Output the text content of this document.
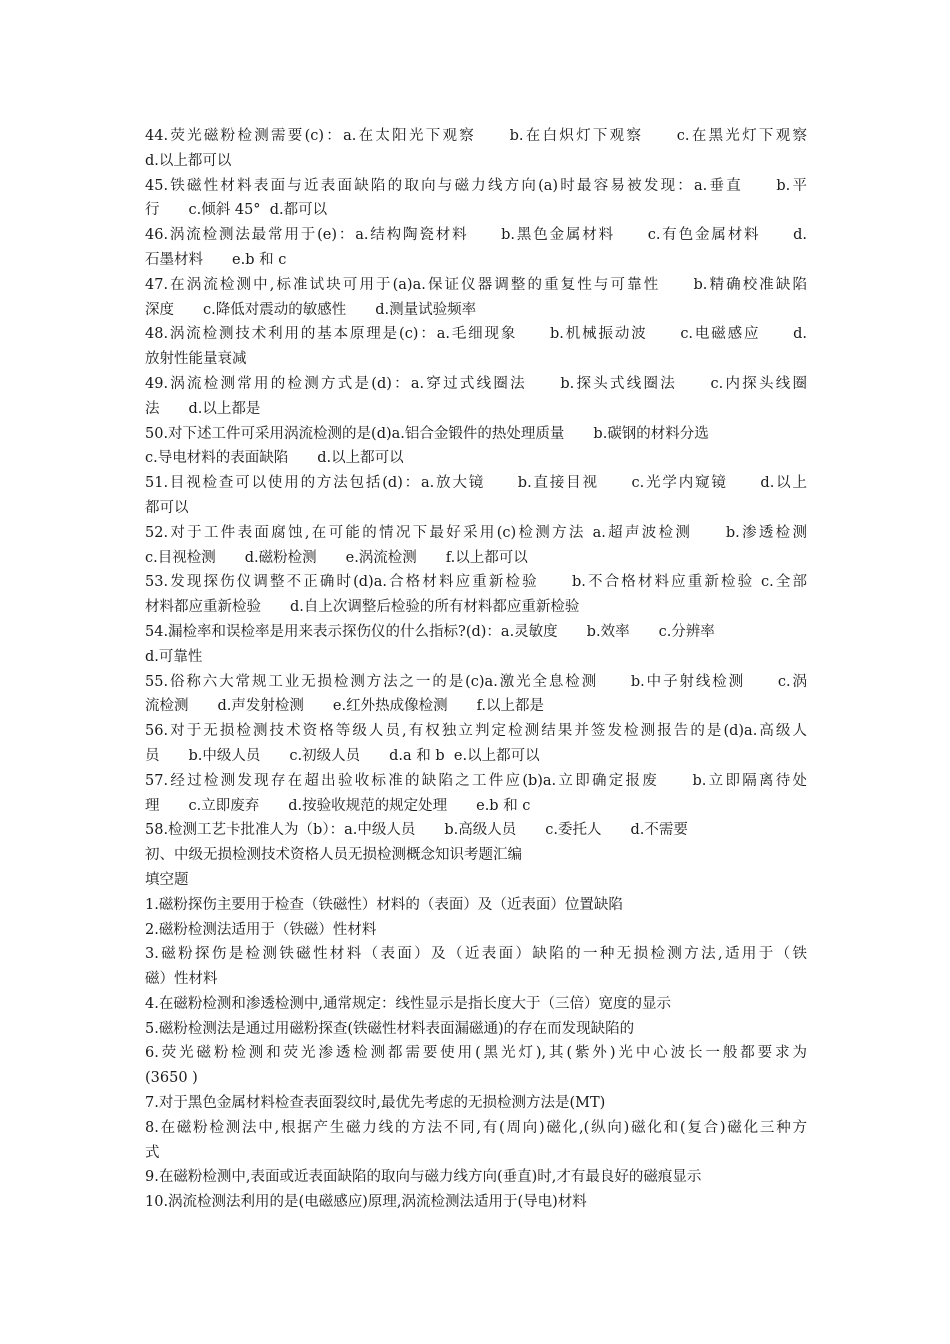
44.荧光磁粉检测需要(c)：a.在太阳光下观察　　b.在白炽灯下观察　　c.在黑光灯下观察
d.以上都可以
45.铁磁性材料表面与近表面缺陷的取向与磁力线方向(a)时最容易被发现：a.垂直　　b.平
行　　c.倾斜 45°  d.都可以
46.涡流检测法最常用于(e)：a.结构陶瓷材料　　b.黑色金属材料　　c.有色金属材料　　d.
石墨材料　　e.b 和 c
47.在涡流检测中,标准试块可用于(a)a.保证仪器调整的重复性与可靠性　　b.精确校准缺陷
深度　　c.降低对震动的敏感性　　d.测量试验频率
48.涡流检测技术利用的基本原理是(c)：a.毛细现象　　b.机械振动波　　c.电磁感应　　d.
放射性能量衰减
49.涡流检测常用的检测方式是(d)：a.穿过式线圈法　　b.探头式线圈法　　c.内探头线圈
法　　d.以上都是
50.对下述工件可采用涡流检测的是(d)a.铝合金锻件的热处理质量　　b.碳钢的材料分选
c.导电材料的表面缺陷　　d.以上都可以
51.目视检查可以使用的方法包括(d)：a.放大镜　　b.直接目视　　c.光学内窥镜　　d.以上
都可以
52.对于工件表面腐蚀,在可能的情况下最好采用(c)检测方法 a.超声波检测　　b.渗透检测
c.目视检测　　d.磁粉检测　　e.涡流检测　　f.以上都可以
53.发现探伤仪调整不正确时(d)a.合格材料应重新检验　　b.不合格材料应重新检验 c.全部
材料都应重新检验　　d.自上次调整后检验的所有材料都应重新检验
54.漏检率和误检率是用来表示探伤仪的什么指标?(d)：a.灵敏度　　b.效率　　c.分辨率
d.可靠性
55.俗称六大常规工业无损检测方法之一的是(c)a.激光全息检测　　b.中子射线检测　　c.涡
流检测　　d.声发射检测　　e.红外热成像检测　　f.以上都是
56.对于无损检测技术资格等级人员,有权独立判定检测结果并签发检测报告的是(d)a.高级人
员　　b.中级人员　　c.初级人员　　d.a 和 b  e.以上都可以
57.经过检测发现存在超出验收标准的缺陷之工件应(b)a.立即确定报废　　b.立即隔离待处
理　　c.立即废弃　　d.按验收规范的规定处理　　e.b 和 c
58.检测工艺卡批准人为（b）：a.中级人员　　b.高级人员　　c.委托人　　d.不需要
初、中级无损检测技术资格人员无损检测概念知识考题汇编
填空题
1.磁粉探伤主要用于检查（铁磁性）材料的（表面）及（近表面）位置缺陷
2.磁粉检测法适用于（铁磁）性材料
3.磁粉探伤是检测铁磁性材料（表面）及（近表面）缺陷的一种无损检测方法,适用于（铁
磁）性材料
4.在磁粉检测和渗透检测中,通常规定：线性显示是指长度大于（三倍）宽度的显示
5.磁粉检测法是通过用磁粉探查(铁磁性材料表面漏磁通)的存在而发现缺陷的
6.荧光磁粉检测和荧光渗透检测都需要使用(黑光灯),其(紫外)光中心波长一般都要求为
(3650 )
7.对于黑色金属材料检查表面裂纹时,最优先考虑的无损检测方法是(MT)
8.在磁粉检测法中,根据产生磁力线的方法不同,有(周向)磁化,(纵向)磁化和(复合)磁化三种方
式
9.在磁粉检测中,表面或近表面缺陷的取向与磁力线方向(垂直)时,才有最良好的磁痕显示
10.涡流检测法利用的是(电磁感应)原理,涡流检测法适用于(导电)材料
